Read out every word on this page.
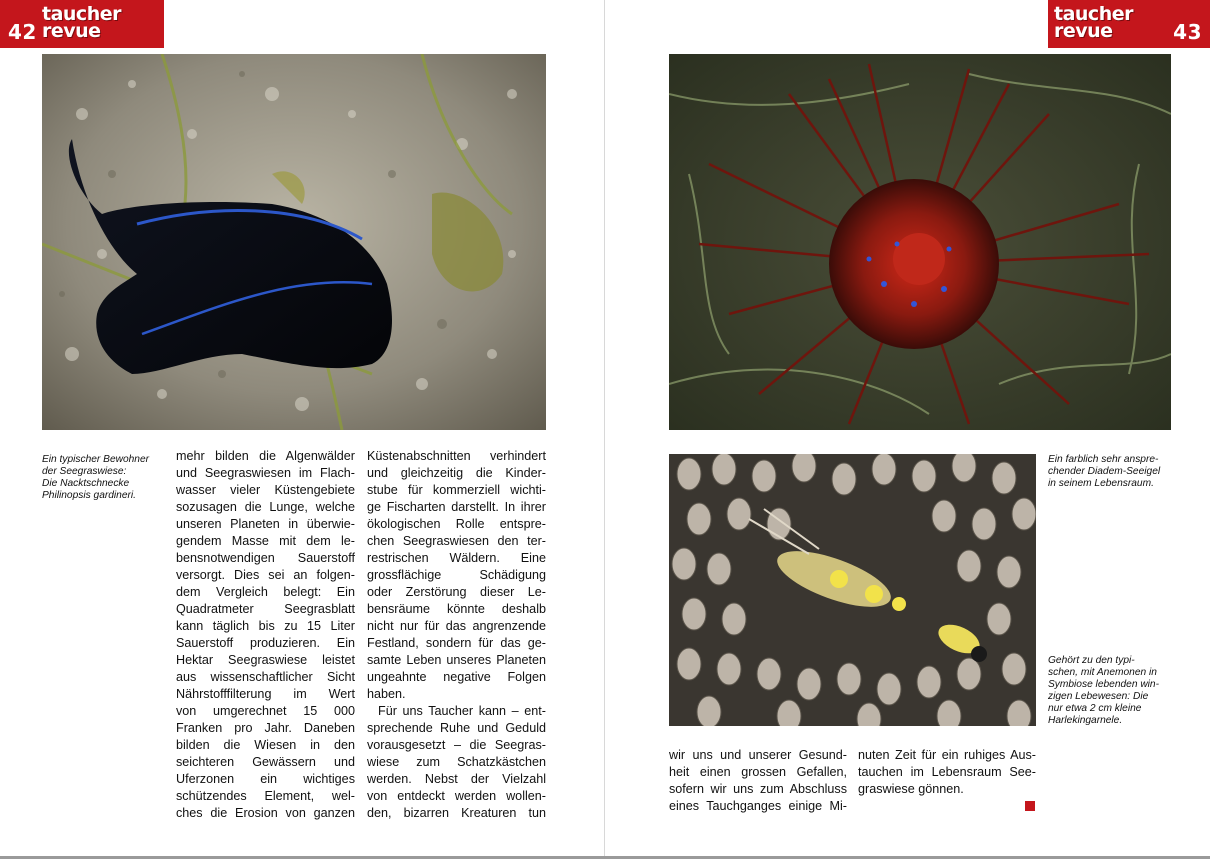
42
taucher
revue
taucher
revue	43
Ein typischer Bewohner
der Seegraswiese:
Die Nacktschnecke
Philinopsis gardineri.
Ein farblich sehr anspre-
chender Diadem-Seeigel
in seinem Lebensraum.
Gehört zu den typi-
schen, mit Anemonen in
Symbiose lebenden win-
zigen Lebewesen: Die
nur etwa 2 cm kleine
Harlekingarnele.
mehr bilden die Algenwälder
und Seegraswiesen im Flach-
wasser vieler Küstengebiete
sozusagen die Lunge, welche
unseren Planeten in überwie-
gendem Masse mit dem le-
bensnotwendigen Sauerstoff
versorgt. Dies sei an folgen-
dem Vergleich belegt: Ein
Quadratmeter Seegrasblatt
kann täglich bis zu 15 Liter
Sauerstoff produzieren. Ein
Hektar Seegraswiese leistet
aus wissenschaftlicher Sicht
Nährstofffilterung im Wert
von umgerechnet 15 000
Franken pro Jahr. Daneben
bilden die Wiesen in den
seichteren Gewässern und
Uferzonen ein wichtiges
schützendes Element, wel-
ches die Erosion von ganzen
Küstenabschnitten verhindert
und gleichzeitig die Kinder-
stube für kommerziell wichti-
ge Fischarten darstellt. In ihrer
ökologischen Rolle entspre-
chen Seegraswiesen den ter-
restrischen Wäldern. Eine
grossflächige Schädigung
oder Zerstörung dieser Le-
bensräume könnte deshalb
nicht nur für das angrenzende
Festland, sondern für das ge-
samte Leben unseres Planeten
ungeahnte negative Folgen
haben.
Für uns Taucher kann – ent-
sprechende Ruhe und Geduld
vorausgesetzt – die Seegras-
wiese zum Schatzkästchen
werden. Nebst der Vielzahl
von entdeckt werden wollen-
den, bizarren Kreaturen tun
wir uns und unserer Gesund-
heit einen grossen Gefallen,
sofern wir uns zum Abschluss
eines Tauchganges einige Mi-
nuten Zeit für ein ruhiges Aus-
tauchen im Lebensraum See-
graswiese gönnen.
